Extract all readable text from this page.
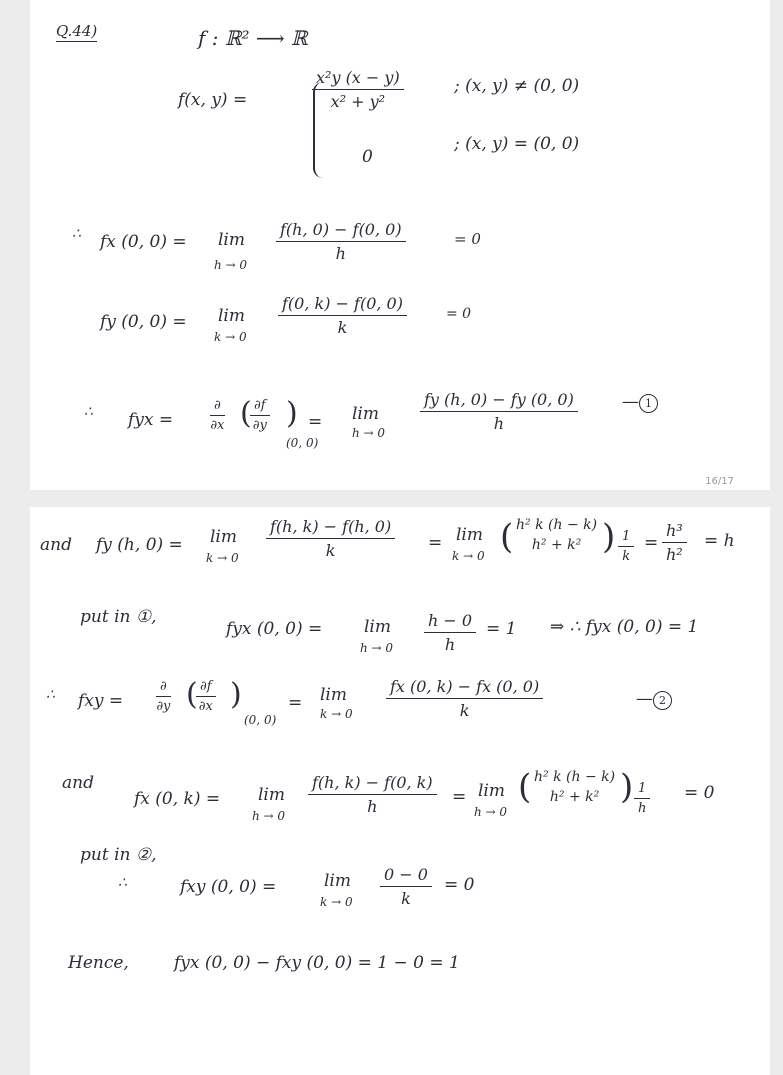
Q.44)	f : ℝ² ⟶ ℝ
f(x, y) =	$\frac{\text{x²y (x − y)}}{\text{x² + y²}}$	; (x, y) ≠ (0, 0)
0
; (x, y) = (0, 0)
∴ fx (0, 0) = lim
h → 0
$\frac{f(h, 0) - f(0, 0)}{h}$	= 0
fy (0, 0) = lim
$k \to 0 \frac{f(0, k) - f(0, 0)}{k}$	= 0
∴ fyx =
∂
∂x (
$\frac{\partial f}{\partial y}$ )
(0, 0)
= lim
$h \to 0 \frac{fy (h, 0) - fy (0, 0)}{h}$	— 1
16/17
and fy (h, 0) = lim
$k \to 0 \frac{f(h, k) - f(h, 0)}{k} = \lim$
k → 0 ( h² k (h − k)
h² + k² ) $\frac{1}{k} = \frac{\text{h³}}{\text{h²}} = h$
put in ①,
fyx (0, 0) = lim
$h \to 0 \frac{h - 0}{h} = 1$ ⇒ ∴ fyx (0, 0) = 1
∴ fxy =
∂
∂y (
$\frac{\partial f}{\partial x}$ )
(0, 0)
= lim
$k \to 0 \frac{fx (0, k) - fx (0, 0)}{k}$	— 2
and
fx (0, k) = lim
$h \to 0 \frac{f(h, k) - f(0, k)}{h} = \lim$
h → 0
( h² k (h − k)
h² + k² ) $\frac{1}{h} = 0$
put in ②,
∴	fxy (0, 0) =	lim
$k \to 0 \frac{0 - 0}{k} = 0$
Hence,	fyx (0, 0) − fxy (0, 0) = 1 − 0 = 1
